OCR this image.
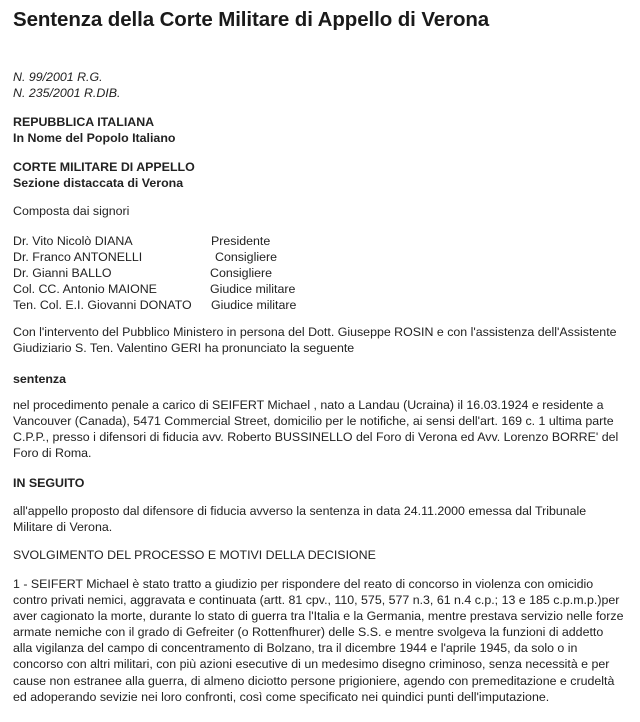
Sentenza della Corte Militare di Appello di Verona
N. 99/2001 R.G.
N. 235/2001 R.DIB.
REPUBBLICA ITALIANA
In Nome del Popolo Italiano
CORTE MILITARE DI APPELLO
Sezione distaccata di Verona
Composta dai signori
Dr. Vito Nicolò DIANA	Presidente
Dr. Franco ANTONELLI	Consigliere
Dr. Gianni BALLO	Consigliere
Col. CC. Antonio MAIONE	Giudice militare
Ten. Col. E.I. Giovanni DONATO Giudice militare
Con l'intervento del Pubblico Ministero in persona del Dott. Giuseppe ROSIN e con l'assistenza dell'Assistente Giudiziario S. Ten. Valentino GERI ha pronunciato la seguente
sentenza
nel procedimento penale a carico di SEIFERT Michael , nato a Landau (Ucraina) il 16.03.1924 e residente a Vancouver (Canada), 5471 Commercial Street, domicilio per le notifiche, ai sensi dell'art. 169 c. 1 ultima parte C.P.P., presso i difensori di fiducia avv. Roberto BUSSINELLO del Foro di Verona ed Avv. Lorenzo BORRE' del Foro di Roma.
IN SEGUITO
all'appello proposto dal difensore di fiducia avverso la sentenza in data 24.11.2000 emessa dal Tribunale Militare di Verona.
SVOLGIMENTO DEL PROCESSO E MOTIVI DELLA DECISIONE
1 - SEIFERT Michael è stato tratto a giudizio per rispondere del reato di concorso in violenza con omicidio contro privati nemici, aggravata e continuata (artt. 81 cpv., 110, 575, 577 n.3, 61 n.4 c.p.; 13 e 185 c.p.m.p.)per aver cagionato la morte, durante lo stato di guerra tra l'Italia e la Germania, mentre prestava servizio nelle forze armate nemiche con il grado di Gefreiter (o Rottenfhurer) delle S.S. e mentre svolgeva la funzioni di addetto alla vigilanza del campo di concentramento di Bolzano, tra il dicembre 1944 e l'aprile 1945, da solo o in concorso con altri militari, con più azioni esecutive di un medesimo disegno criminoso, senza necessità e per cause non estranee alla guerra, di almeno diciotto persone prigioniere, agendo con premeditazione e crudeltà ed adoperando sevizie nei loro confronti, così come specificato nei quindici punti dell'imputazione.
